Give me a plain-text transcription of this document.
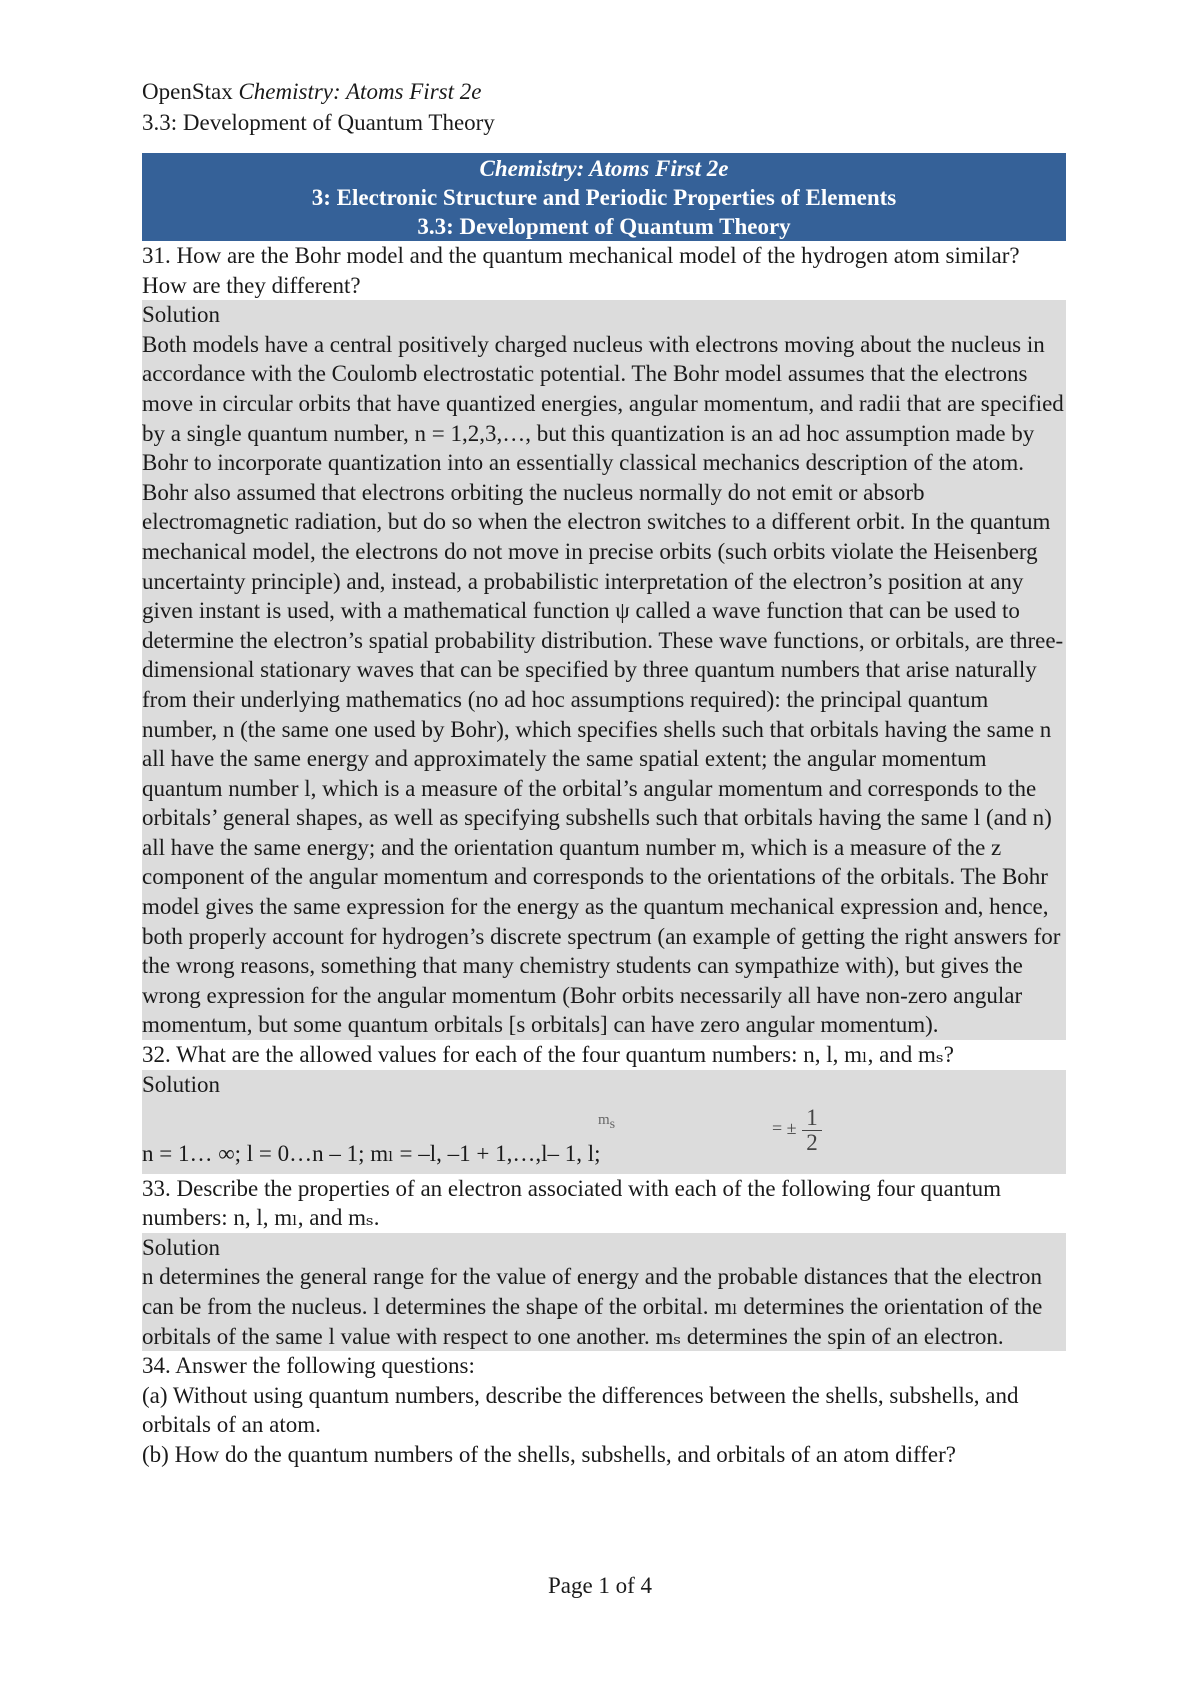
OpenStax Chemistry: Atoms First 2e
3.3: Development of Quantum Theory
Chemistry: Atoms First 2e
3: Electronic Structure and Periodic Properties of Elements
3.3: Development of Quantum Theory

31. How are the Bohr model and the quantum mechanical model of the hydrogen atom similar? How are they different?

Solution

Both models have a central positively charged nucleus with electrons moving about the nucleus in accordance with the Coulomb electrostatic potential. The Bohr model assumes that the electrons move in circular orbits that have quantized energies, angular momentum, and radii that are specified by a single quantum number, n = 1,2,3,…, but this quantization is an ad hoc assumption made by Bohr to incorporate quantization into an essentially classical mechanics description of the atom. Bohr also assumed that electrons orbiting the nucleus normally do not emit or absorb electromagnetic radiation, but do so when the electron switches to a different orbit. In the quantum mechanical model, the electrons do not move in precise orbits (such orbits violate the Heisenberg uncertainty principle) and, instead, a probabilistic interpretation of the electron’s position at any given instant is used, with a mathematical function ψ called a wave function that can be used to determine the electron’s spatial probability distribution. These wave functions, or orbitals, are three-dimensional stationary waves that can be specified by three quantum numbers that arise naturally from their underlying mathematics (no ad hoc assumptions required): the principal quantum number, n (the same one used by Bohr), which specifies shells such that orbitals having the same n all have the same energy and approximately the same spatial extent; the angular momentum quantum number l, which is a measure of the orbital’s angular momentum and corresponds to the orbitals’ general shapes, as well as specifying subshells such that orbitals having the same l (and n) all have the same energy; and the orientation quantum number m, which is a measure of the z component of the angular momentum and corresponds to the orientations of the orbitals. The Bohr model gives the same expression for the energy as the quantum mechanical expression and, hence, both properly account for hydrogen’s discrete spectrum (an example of getting the right answers for the wrong reasons, something that many chemistry students can sympathize with), but gives the wrong expression for the angular momentum (Bohr orbits necessarily all have non-zero angular momentum, but some quantum orbitals [s orbitals] can have zero angular momentum).

32. What are the allowed values for each of the four quantum numbers: n, l, mₗ, and mₛ?

Solution
n = 1… ∞; l = 0…n – 1; mₗ = –l, –1 + 1,…,l– 1, l;
$m_s$	= ± $\frac{1}{2}$

33. Describe the properties of an electron associated with each of the following four quantum numbers: n, l, mₗ, and mₛ.

Solution

n determines the general range for the value of energy and the probable distances that the electron can be from the nucleus. l determines the shape of the orbital. mₗ determines the orientation of the orbitals of the same l value with respect to one another. mₛ determines the spin of an electron.

34. Answer the following questions:

(a) Without using quantum numbers, describe the differences between the shells, subshells, and orbitals of an atom.

(b) How do the quantum numbers of the shells, subshells, and orbitals of an atom differ?

Page 1 of 4
